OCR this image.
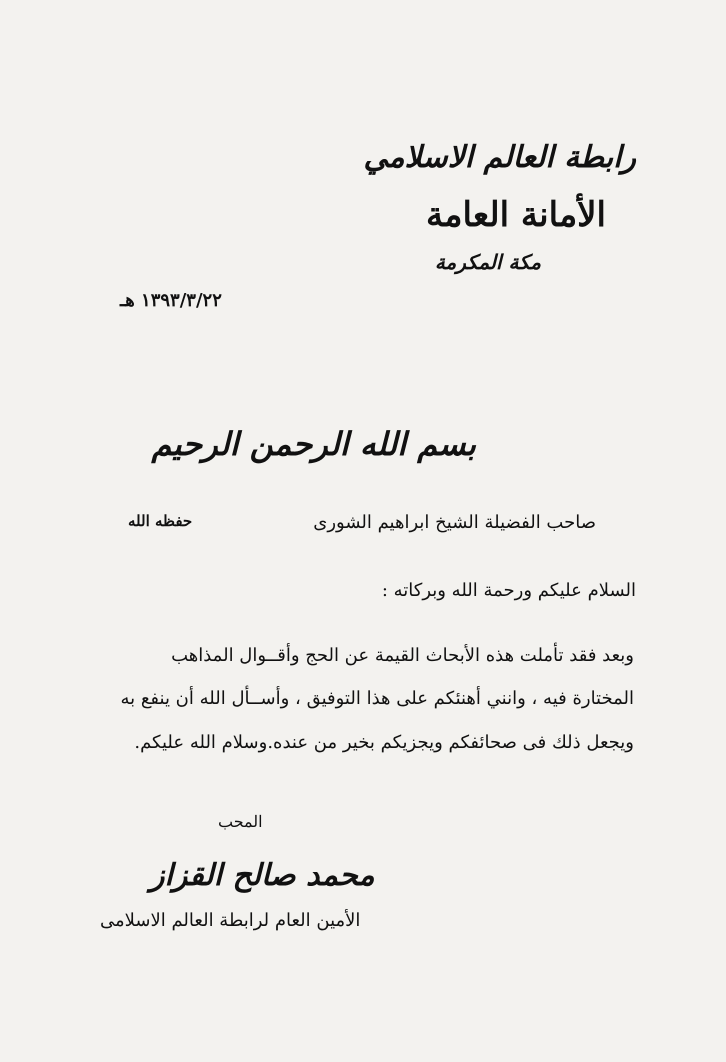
رابطة العالم الاسلامي
الأمانة العامة
مكة المكرمة
١٣٩٣/٣/٢٢ هـ
بسم الله الرحمن الرحيم
صاحب الفضيلة الشيخ ابراهيم الشورى
حفظه الله
السلام عليكم ورحمة الله وبركاته :
وبعد فقد تأملت هذه الأبحاث القيمة عن الحج وأقــوال المذاهب
المختارة فيه ، وانني أهنئكم على هذا التوفيق ، وأســأل الله أن ينفع به
ويجعل ذلك فى صحائفكم ويجزيكم بخير من عنده.وسلام الله عليكم.
المحب
محمد صالح القزاز
الأمين العام لرابطة العالم الاسلامى
